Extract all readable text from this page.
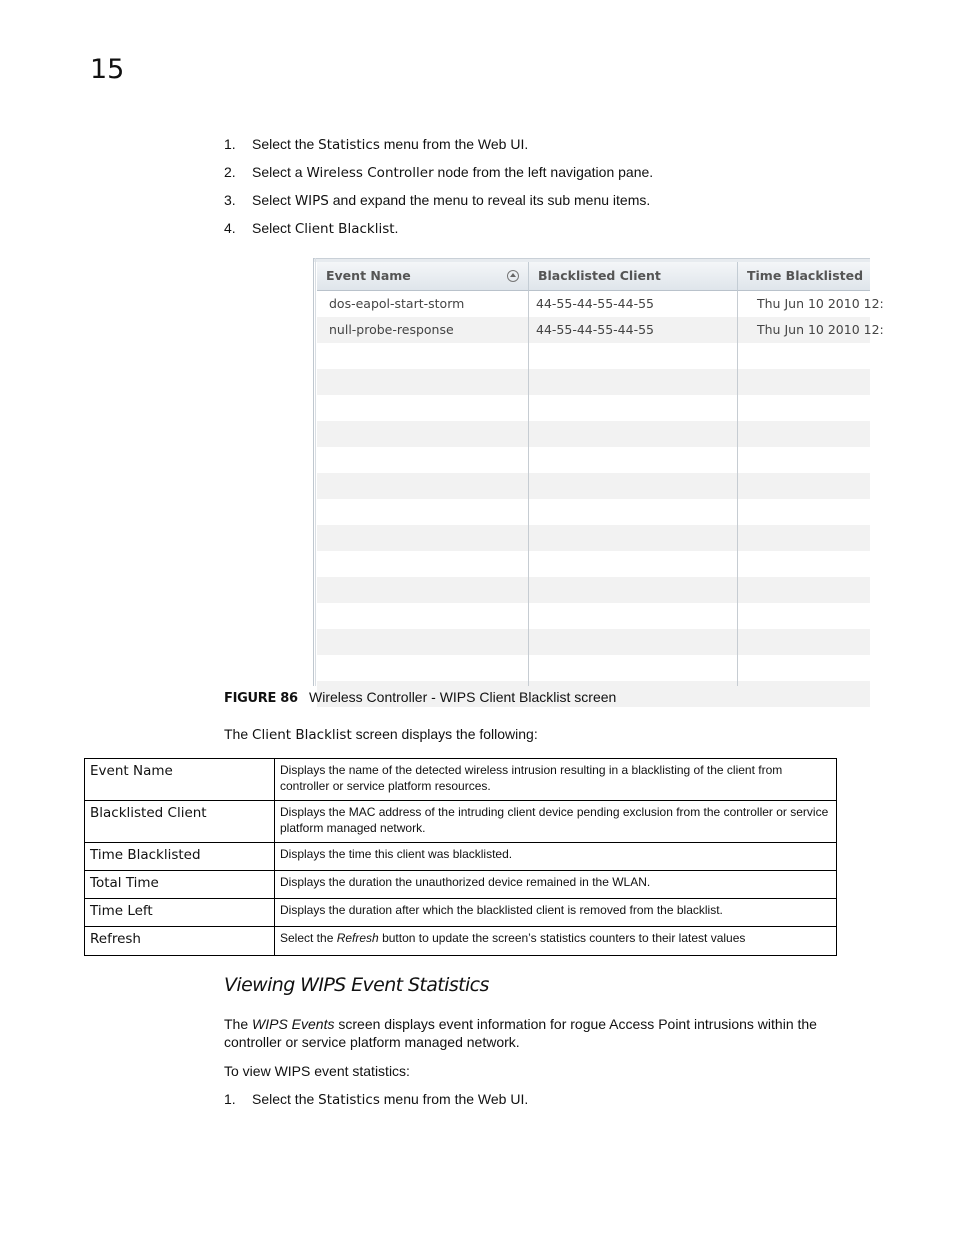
15
1. Select the Statistics menu from the Web UI.
2. Select a Wireless Controller node from the left navigation pane.
3. Select WIPS and expand the menu to reveal its sub menu items.
4. Select Client Blacklist.
Event Name	Blacklisted Client	Time Blacklisted
dos-eapol-start-storm	44-55-44-55-44-55	Thu Jun 10 2010 12:
null-probe-response	44-55-44-55-44-55	Thu Jun 10 2010 12:
FIGURE 86 Wireless Controller - WIPS Client Blacklist screen
The Client Blacklist screen displays the following:
Event Name	Displays the name of the detected wireless intrusion resulting in a blacklisting of the client from controller or service platform resources.
Blacklisted Client	Displays the MAC address of the intruding client device pending exclusion from the controller or service platform managed network.
Time Blacklisted	Displays the time this client was blacklisted.
Total Time	Displays the duration the unauthorized device remained in the WLAN.
Time Left	Displays the duration after which the blacklisted client is removed from the blacklist.
Refresh	Select the Refresh button to update the screen’s statistics counters to their latest values
Viewing WIPS Event Statistics

The WIPS Events screen displays event information for rogue Access Point intrusions within the controller or service platform managed network.

To view WIPS event statistics:

1. Select the Statistics menu from the Web UI.
